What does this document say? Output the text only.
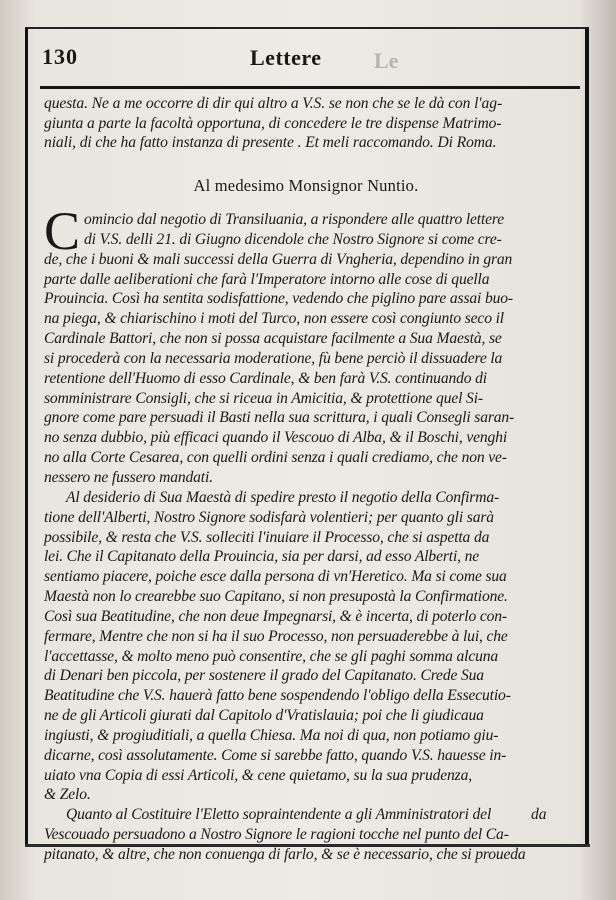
130	Lettere Le
questa. Ne a me occorre di dir qui altro a V.S. se non che se le dà con l'ag-
giunta a parte la facoltà opportuna, di concedere le tre dispense Matrimo-
niali, di che ha fatto instanza di presente . Et meli raccomando. Di Roma.
Al medesimo Monsignor Nuntio.
C omincio dal negotio di Transiluania, a rispondere alle quattro lettere
di V.S. delli 21. di Giugno dicendole che Nostro Signore si come cre-
de, che i buoni & mali successi della Guerra di Vngheria, dependino in gran
parte dalle aeliberationi che farà l'Imperatore intorno alle cose di quella
Prouincia. Così ha sentita sodisfattione, vedendo che piglino pare assai buo-
na piega, & chiarischino i moti del Turco, non essere così congiunto seco il
Cardinale Battori, che non si possa acquistare facilmente a Sua Maestà, se
si procederà con la necessaria moderatione, fù bene perciò il dissuadere la
retentione dell'Huomo di esso Cardinale, & ben farà V.S. continuando di
somministrare Consigli, che si riceua in Amicitia, & protettione quel Si-
gnore come pare persuadi il Basti nella sua scrittura, i quali Consegli saran-
no senza dubbio, più efficaci quando il Vescouo di Alba, & il Boschi, venghi
no alla Corte Cesarea, con quelli ordini senza i quali crediamo, che non ve-
nessero ne fussero mandati.
Al desiderio di Sua Maestà di spedire presto il negotio della Confirma-
tione dell'Alberti, Nostro Signore sodisfarà volentieri; per quanto gli sarà
possibile, & resta che V.S. solleciti l'inuiare il Processo, che si aspetta da
lei. Che il Capitanato della Prouincia, sia per darsi, ad esso Alberti, ne
sentiamo piacere, poiche esce dalla persona di vn'Heretico. Ma si come sua
Maestà non lo crearebbe suo Capitano, si non presupostà la Confirmatione.
Così sua Beatitudine, che non deue Impegnarsi, & è incerta, di poterlo con-
fermare, Mentre che non si ha il suo Processo, non persuaderebbe à lui, che
l'accettasse, & molto meno può consentire, che se gli paghi somma alcuna
di Denari ben piccola, per sostenere il grado del Capitanato. Crede Sua
Beatitudine che V.S. hauerà fatto bene sospendendo l'obligo della Essecutio-
ne de gli Articoli giurati dal Capitolo d'Vratislauia; poi che li giudicaua
ingiusti, & progiuditiali, a quella Chiesa. Ma noi di qua, non potiamo giu-
dicarne, così assolutamente. Come si sarebbe fatto, quando V.S. hauesse in-
uiato vna Copia di essi Articoli, & cene quietamo, su la sua prudenza,
& Zelo.
Quanto al Costituire l'Eletto sopraintendente a gli Amministratori del
Vescouado persuadono a Nostro Signore le ragioni tocche nel punto del Ca-
pitanato, & altre, che non conuenga di farlo, & se è necessario, che si proueda
da
